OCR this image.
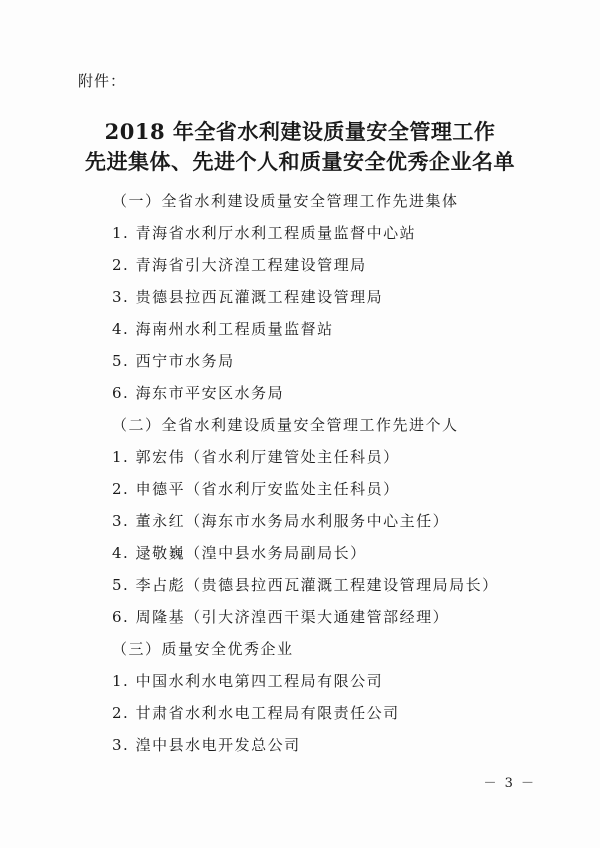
附件：
2018 年全省水利建设质量安全管理工作
先进集体、先进个人和质量安全优秀企业名单
（一）全省水利建设质量安全管理工作先进集体
1. 青海省水利厅水利工程质量监督中心站
2. 青海省引大济湟工程建设管理局
3. 贵德县拉西瓦灌溉工程建设管理局
4. 海南州水利工程质量监督站
5. 西宁市水务局
6. 海东市平安区水务局
（二）全省水利建设质量安全管理工作先进个人
1. 郭宏伟（省水利厅建管处主任科员）
2. 申德平（省水利厅安监处主任科员）
3. 董永红（海东市水务局水利服务中心主任）
4. 逯敬巍（湟中县水务局副局长）
5. 李占彪（贵德县拉西瓦灌溉工程建设管理局局长）
6. 周隆基（引大济湟西干渠大通建管部经理）
（三）质量安全优秀企业
1. 中国水利水电第四工程局有限公司
2. 甘肃省水利水电工程局有限责任公司
3. 湟中县水电开发总公司
－ 3 －
